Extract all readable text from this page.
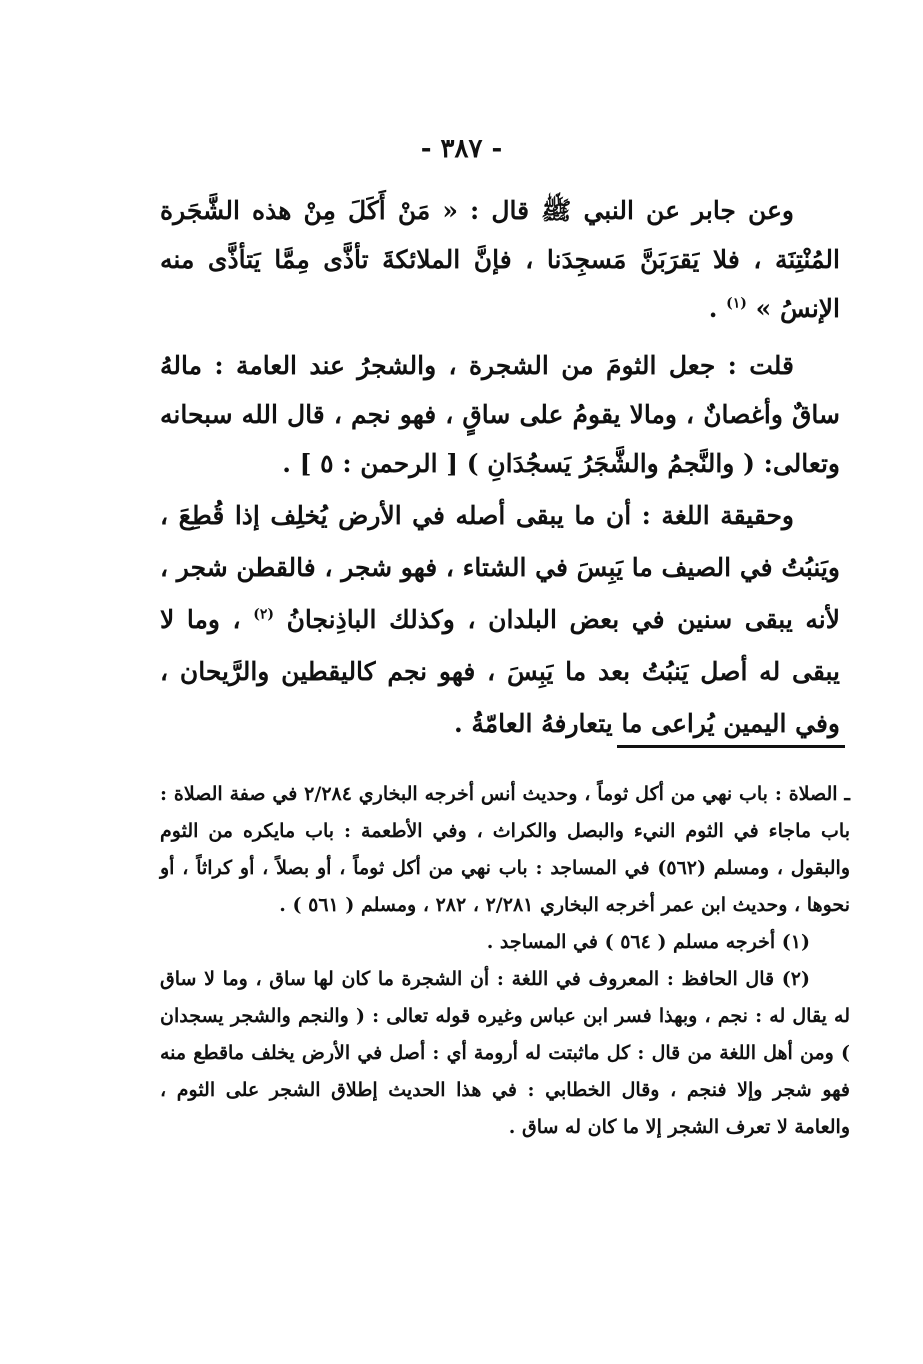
- ٣٨٧ -

وعن جابر عن النبي ﷺ قال : « مَنْ أَكَلَ مِنْ هذه الشَّجَرة المُنْتِنَة ، فلا يَقرَبَنَّ مَسجِدَنا ، فإنَّ الملائكةَ تأذَّى مِمَّا يَتأذَّى منه الإنسُ » $^{(١)}$ .

قلت : جعل الثومَ من الشجرة ، والشجرُ عند العامة : مالهُ ساقٌ وأغصانٌ ، ومالا يقومُ على ساقٍ ، فهو نجم ، قال الله سبحانه وتعالى: ( والنَّجمُ والشَّجَرُ يَسجُدَانِ ) [ الرحمن : ٥ ] .

وحقيقة اللغة : أن ما يبقى أصله في الأرض يُخلِف إذا قُطِعَ ، ويَنبُتُ في الصيف ما يَبِسَ في الشتاء ، فهو شجر ، فالقطن شجر ، لأنه يبقى سنين في بعض البلدان ، وكذلك الباذِنجانُ $^{(٢)}$ ، وما لا يبقى له أصل يَنبُتُ بعد ما يَبِسَ ، فهو نجم كاليقطين والرَّيحان ، وفي اليمين يُراعى ما يتعارفهُ العامّةُ .

ـ الصلاة : باب نهي من أكل ثوماً ، وحديث أنس أخرجه البخاري ٢/٢٨٤ في صفة الصلاة : باب ماجاء في الثوم النيء والبصل والكراث ، وفي الأطعمة : باب مايكره من الثوم والبقول ، ومسلم (٥٦٢) في المساجد : باب نهي من أكل ثوماً ، أو بصلاً ، أو كراثاً ، أو نحوها ، وحديث ابن عمر أخرجه البخاري ٢/٢٨١ ، ٢٨٢ ، ومسلم ( ٥٦١ ) .

(١) أخرجه مسلم ( ٥٦٤ ) في المساجد .

(٢) قال الحافظ : المعروف في اللغة : أن الشجرة ما كان لها ساق ، وما لا ساق له يقال له : نجم ، وبهذا فسر ابن عباس وغيره قوله تعالى : ( والنجم والشجر يسجدان ) ومن أهل اللغة من قال : كل ماثبتت له أرومة أي : أصل في الأرض يخلف ماقطع منه فهو شجر وإلا فنجم ، وقال الخطابي : في هذا الحديث إطلاق الشجر على الثوم ، والعامة لا تعرف الشجر إلا ما كان له ساق .
